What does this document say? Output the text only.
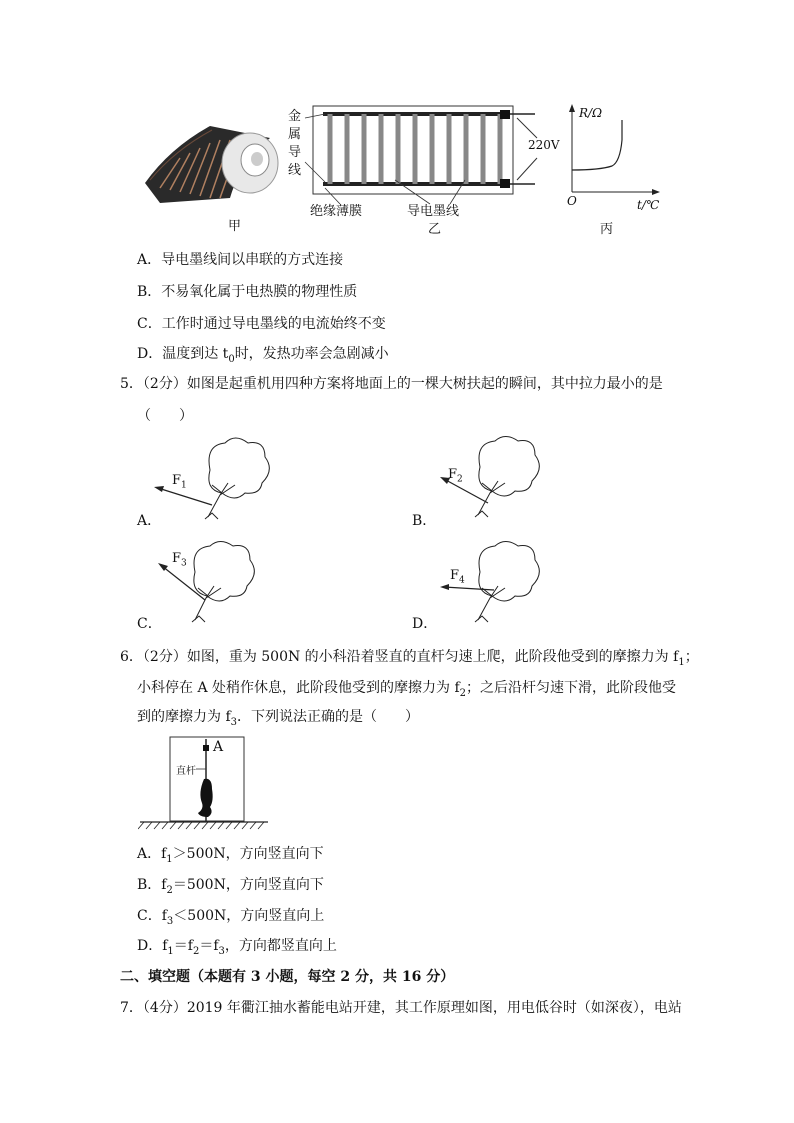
甲
金
属
导
线
220V
绝缘薄膜	导电墨线
乙
R/Ω
t/℃
O
丙
A．导电墨线间以串联的方式连接
B．不易氧化属于电热膜的物理性质
C．工作时通过导电墨线的电流始终不变
D．温度到达 $t_0$时，发热功率会急剧减小
5．（2分）如图是起重机用四种方案将地面上的一棵大树扶起的瞬间，其中拉力最小的是
（　　）
$F_1$
A．
$F_2$
B．
$F_3$
C．
$F_4$
D．
6．（2分）如图，重为 500N 的小科沿着竖直的直杆匀速上爬，此阶段他受到的摩擦力为 $f_1$；
小科停在 A 处稍作休息，此阶段他受到的摩擦力为 $f_2$；之后沿杆匀速下滑，此阶段他受
到的摩擦力为 $f_3$．下列说法正确的是（　　）
A
直杆
A．$f_1>500N$，方向竖直向下
B．$f_2=500N$，方向竖直向下
C．$f_3<500N$，方向竖直向上
D．$f_1=f_2=f_3$，方向都竖直向上
二、填空题（本题有 3 小题，每空 2 分，共 16 分）
7．（4分）2019 年衢江抽水蓄能电站开建，其工作原理如图，用电低谷时（如深夜），电站
